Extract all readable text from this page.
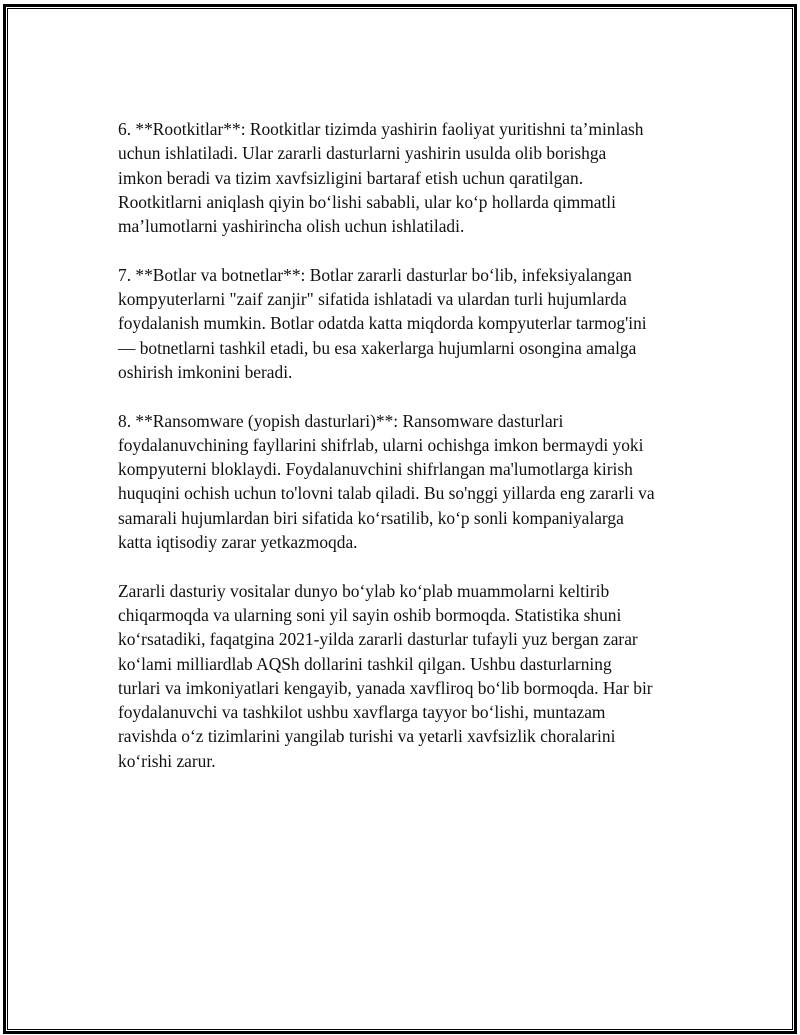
6. **Rootkitlar**: Rootkitlar tizimda yashirin faoliyat yuritishni ta’minlash
uchun ishlatiladi. Ular zararli dasturlarni yashirin usulda olib borishga
imkon beradi va tizim xavfsizligini bartaraf etish uchun qaratilgan.
Rootkitlarni aniqlash qiyin bo‘lishi sababli, ular ko‘p hollarda qimmatli
ma’lumotlarni yashirincha olish uchun ishlatiladi.

7. **Botlar va botnetlar**: Botlar zararli dasturlar bo‘lib, infeksiyalangan
kompyuterlarni "zaif zanjir" sifatida ishlatadi va ulardan turli hujumlarda
foydalanish mumkin. Botlar odatda katta miqdorda kompyuterlar tarmog'ini
— botnetlarni tashkil etadi, bu esa xakerlarga hujumlarni osongina amalga
oshirish imkonini beradi.

8. **Ransomware (yopish dasturlari)**: Ransomware dasturlari
foydalanuvchining fayllarini shifrlab, ularni ochishga imkon bermaydi yoki
kompyuterni bloklaydi. Foydalanuvchini shifrlangan ma'lumotlarga kirish
huquqini ochish uchun to'lovni talab qiladi. Bu so'nggi yillarda eng zararli va
samarali hujumlardan biri sifatida ko‘rsatilib, ko‘p sonli kompaniyalarga
katta iqtisodiy zarar yetkazmoqda.

Zararli dasturiy vositalar dunyo bo‘ylab ko‘plab muammolarni keltirib
chiqarmoqda va ularning soni yil sayin oshib bormoqda. Statistika shuni
ko‘rsatadiki, faqatgina 2021-yilda zararli dasturlar tufayli yuz bergan zarar
ko‘lami milliardlab AQSh dollarini tashkil qilgan. Ushbu dasturlarning
turlari va imkoniyatlari kengayib, yanada xavfliroq bo‘lib bormoqda. Har bir
foydalanuvchi va tashkilot ushbu xavflarga tayyor bo‘lishi, muntazam
ravishda o‘z tizimlarini yangilab turishi va yetarli xavfsizlik choralarini
ko‘rishi zarur.
